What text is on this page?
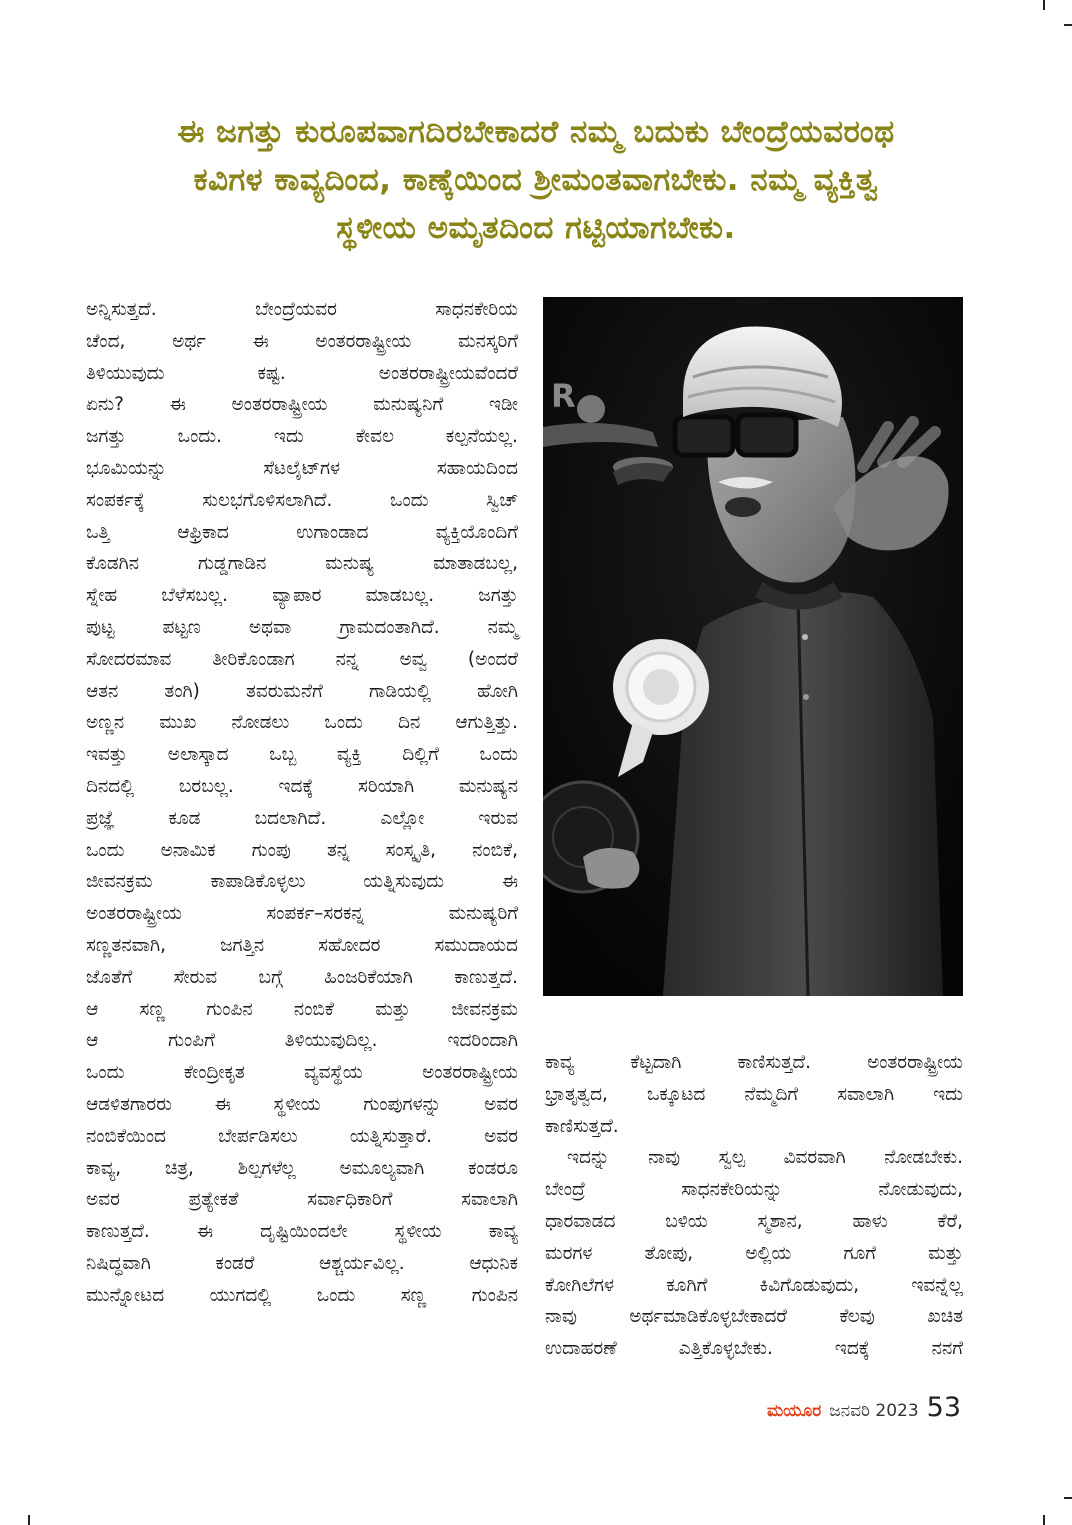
ಈ ಜಗತ್ತು ಕುರೂಪವಾಗದಿರಬೇಕಾದರೆ ನಮ್ಮ ಬದುಕು ಬೇಂದ್ರೆಯವರಂಥ
ಕವಿಗಳ ಕಾವ್ಯದಿಂದ, ಕಾಣ್ಕೆಯಿಂದ ಶ್ರೀಮಂತವಾಗಬೇಕು. ನಮ್ಮ ವ್ಯಕ್ತಿತ್ವ
ಸ್ಥಳೀಯ ಅಮೃತದಿಂದ ಗಟ್ಟಿಯಾಗಬೇಕು.
ಅನ್ನಿಸುತ್ತದೆ. ಬೇಂದ್ರೆಯವರ ಸಾಧನಕೇರಿಯ
ಚೆಂದ, ಅರ್ಥ ಈ ಅಂತರರಾಷ್ಟ್ರೀಯ ಮನಸ್ಕರಿಗೆ
ತಿಳಿಯುವುದು ಕಷ್ಟ. ಅಂತರರಾಷ್ಟ್ರೀಯವೆಂದರೆ
ಏನು? ಈ ಅಂತರರಾಷ್ಟ್ರೀಯ ಮನುಷ್ಯನಿಗೆ ಇಡೀ
ಜಗತ್ತು ಒಂದು. ಇದು ಕೇವಲ ಕಲ್ಪನೆಯಲ್ಲ.
ಭೂಮಿಯನ್ನು ಸೆಟಲೈಟ್‌ಗಳ ಸಹಾಯದಿಂದ
ಸಂಪರ್ಕಕ್ಕೆ ಸುಲಭಗೊಳಿಸಲಾಗಿದೆ. ಒಂದು ಸ್ವಿಚ್
ಒತ್ತಿ ಆಫ್ರಿಕಾದ ಉಗಾಂಡಾದ ವ್ಯಕ್ತಿಯೊಂದಿಗೆ
ಕೊಡಗಿನ ಗುಡ್ಡಗಾಡಿನ ಮನುಷ್ಯ ಮಾತಾಡಬಲ್ಲ,
ಸ್ನೇಹ ಬೆಳೆಸಬಲ್ಲ. ವ್ಯಾಪಾರ ಮಾಡಬಲ್ಲ. ಜಗತ್ತು
ಪುಟ್ಟ ಪಟ್ಟಣ ಅಥವಾ ಗ್ರಾಮದಂತಾಗಿದೆ. ನಮ್ಮ
ಸೋದರಮಾವ ತೀರಿಕೊಂಡಾಗ ನನ್ನ ಅವ್ವ (ಅಂದರೆ
ಆತನ ತಂಗಿ) ತವರುಮನೆಗೆ ಗಾಡಿಯಲ್ಲಿ ಹೋಗಿ
ಅಣ್ಣನ ಮುಖ ನೋಡಲು ಒಂದು ದಿನ ಆಗುತ್ತಿತ್ತು.
ಇವತ್ತು ಅಲಾಸ್ಕಾದ ಒಬ್ಬ ವ್ಯಕ್ತಿ ದಿಲ್ಲಿಗೆ ಒಂದು
ದಿನದಲ್ಲಿ ಬರಬಲ್ಲ. ಇದಕ್ಕೆ ಸರಿಯಾಗಿ ಮನುಷ್ಯನ
ಪ್ರಜ್ಞೆ ಕೂಡ ಬದಲಾಗಿದೆ. ಎಲ್ಲೋ ಇರುವ
ಒಂದು ಅನಾಮಿಕ ಗುಂಪು ತನ್ನ ಸಂಸ್ಕೃತಿ, ನಂಬಿಕೆ,
ಜೀವನಕ್ರಮ ಕಾಪಾಡಿಕೊಳ್ಳಲು ಯತ್ನಿಸುವುದು ಈ
ಅಂತರರಾಷ್ಟ್ರೀಯ ಸಂಪರ್ಕ–ಸರಕನ್ನ ಮನುಷ್ಯರಿಗೆ
ಸಣ್ಣತನವಾಗಿ, ಜಗತ್ತಿನ ಸಹೋದರ ಸಮುದಾಯದ
ಜೊತೆಗೆ ಸೇರುವ ಬಗ್ಗೆ ಹಿಂಜರಿಕೆಯಾಗಿ ಕಾಣುತ್ತದೆ.
ಆ ಸಣ್ಣ ಗುಂಪಿನ ನಂಬಿಕೆ ಮತ್ತು ಜೀವನಕ್ರಮ
ಆ ಗುಂಪಿಗೆ ತಿಳಿಯುವುದಿಲ್ಲ. ಇದರಿಂದಾಗಿ
ಒಂದು ಕೇಂದ್ರೀಕೃತ ವ್ಯವಸ್ಥೆಯ ಅಂತರರಾಷ್ಟ್ರೀಯ
ಆಡಳಿತಗಾರರು ಈ ಸ್ಥಳೀಯ ಗುಂಪುಗಳನ್ನು ಅವರ
ನಂಬಿಕೆಯಿಂದ ಬೇರ್ಪಡಿಸಲು ಯತ್ನಿಸುತ್ತಾರೆ. ಅವರ
ಕಾವ್ಯ, ಚಿತ್ರ, ಶಿಲ್ಪಗಳೆಲ್ಲ ಅಮೂಲ್ಯವಾಗಿ ಕಂಡರೂ
ಅವರ ಪ್ರತ್ಯೇಕತೆ ಸರ್ವಾಧಿಕಾರಿಗೆ ಸವಾಲಾಗಿ
ಕಾಣುತ್ತದೆ. ಈ ದೃಷ್ಟಿಯಿಂದಲೇ ಸ್ಥಳೀಯ ಕಾವ್ಯ
ನಿಷಿದ್ಧವಾಗಿ ಕಂಡರೆ ಆಶ್ಚರ್ಯವಿಲ್ಲ. ಆಧುನಿಕ
ಮುನ್ನೋಟದ ಯುಗದಲ್ಲಿ ಒಂದು ಸಣ್ಣ ಗುಂಪಿನ
R
ಕಾವ್ಯ ಕೆಟ್ಟದಾಗಿ ಕಾಣಿಸುತ್ತದೆ. ಅಂತರರಾಷ್ಟ್ರೀಯ
ಭ್ರಾತೃತ್ವದ, ಒಕ್ಕೂಟದ ನೆಮ್ಮದಿಗೆ ಸವಾಲಾಗಿ ಇದು
ಕಾಣಿಸುತ್ತದೆ.
ಇದನ್ನು ನಾವು ಸ್ವಲ್ಪ ವಿವರವಾಗಿ ನೋಡಬೇಕು.
ಬೇಂದ್ರೆ ಸಾಧನಕೇರಿಯನ್ನು ನೋಡುವುದು,
ಧಾರವಾಡದ ಬಳಿಯ ಸ್ಮಶಾನ, ಹಾಳು ಕೆರೆ,
ಮರಗಳ ತೋಪು, ಅಲ್ಲಿಯ ಗೂಗೆ ಮತ್ತು
ಕೋಗಿಲೆಗಳ ಕೂಗಿಗೆ ಕಿವಿಗೊಡುವುದು, ಇವನ್ನೆಲ್ಲ
ನಾವು ಅರ್ಥಮಾಡಿಕೊಳ್ಳಬೇಕಾದರೆ ಕೆಲವು ಖಚಿತ
ಉದಾಹರಣೆ ಎತ್ತಿಕೊಳ್ಳಬೇಕು. ಇದಕ್ಕೆ ನನಗೆ
ಮಯೂರ ಜನವರಿ 2023 53
